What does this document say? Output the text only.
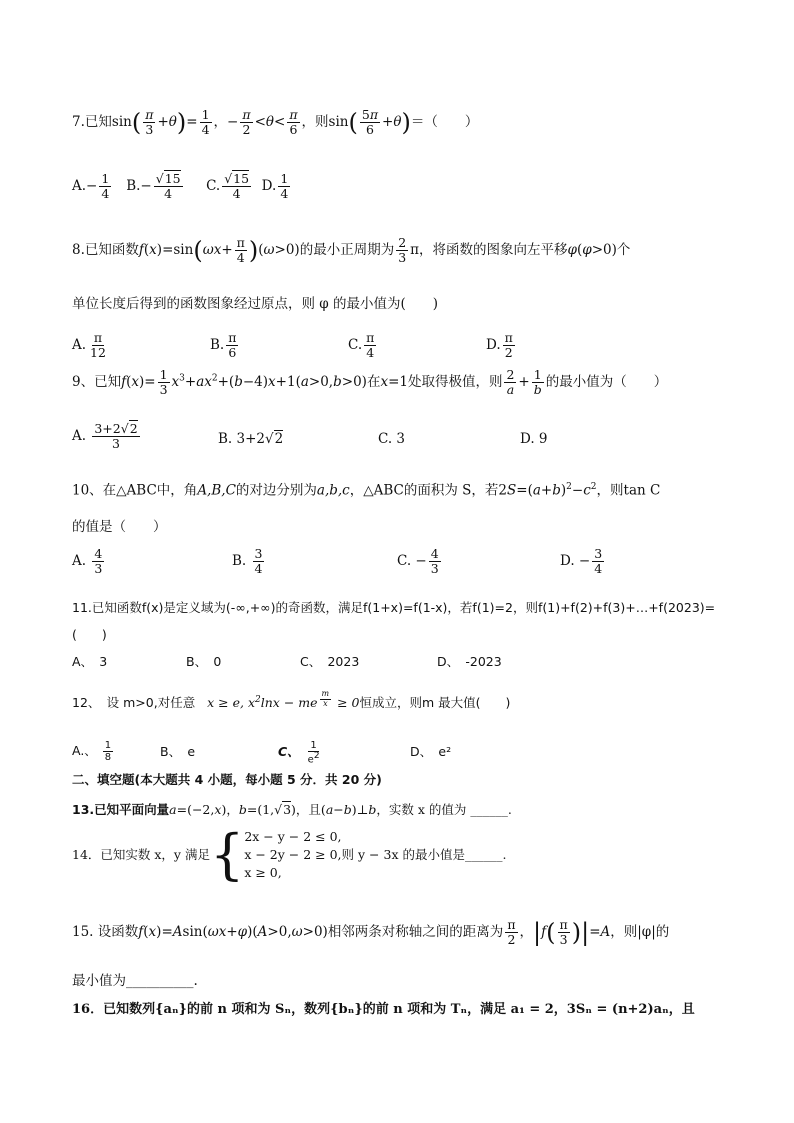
7.已知$\sin( \frac{\pi}{3} +\theta)= \frac{1}{4}$ ，− $\frac{\pi}{2} <\theta< \frac{\pi}{6}$ ，则$\sin( \frac{5\pi}{6} +\theta)=$（　　）
$A.- \frac{1}{4} B.- \frac{√15}{4} C$. $\frac{√15}{4} D$. $\frac{1}{4}$
8.已知函数$f(x)=\sin(\omega x+ \frac{\pi}{4} )(\omega>0)$的最小正周期为 $\frac{2}{3}$ π，将函数的图象向左平移φ(φ>0)个
单位长度后得到的函数图象经过原点，则 φ 的最小值为(　　)
A. $\frac{\pi}{12}$	B. $\frac{\pi}{6}$	C. $\frac{\pi}{4}$	D. $\frac{\pi}{2}$
9、已知$f(x)= \frac{1}{3} x^3+ax^2+(b-4)x+1(a>0,b>0)$在x=1处取得极值，则 $\frac{2}{a} + \frac{1}{b}$ 的最小值为（　　）
A. $\frac{3+2√2}{3}$	B. 3+2√2	C. 3	D. 9
10、在△ABC中，角A,B,C的对边分别为a,b,c，△ABC的面积为 S，若$2S=(a+b)^2-c^2$，则tan C
的值是（　　）
A. $\frac{4}{3}$	B. $\frac{3}{4}$	C. − $\frac{4}{3}$	D. − $\frac{3}{4}$
11.已知函数f(x)是定义域为(-∞,+∞)的奇函数，满足f(1+x)=f(1-x)，若f(1)=2，则f(1)+f(2)+f(3)+…+f(2023)=
(　　)
A、　3	B、　0	C、　2023	D、　-2023
12、　设 m>0,对任意 x ≥ e, $x^2\ln x$ − me $^{\frac{m}{x}}$ ≥ 0恒成立，则m 最大值(　　)
A.、 $\frac{1}{8}$	B、　e	C、 $\frac{1}{e^2}$	D、　e²
二、填空题(本大题共 4 小题，每小题 5 分．共 20 分)
13.已知平面向量a=(−2,x)，b=(1,√3)，且(a−b)⊥b，实数 x 的值为 ______.
14．已知实数 x，y 满足{ 2x − y − 2 ≤ 0,
x − 2y − 2 ≥ 0,
x ≥ 0,
则 y − 3x 的最小值是______.
15. 设函数f(x)=Asin(ωx+φ)(A>0,ω>0)相邻两条对称轴之间的距离为 $\frac{\pi}{2}$ ，$|f( \frac{\pi}{3} )|=A$，则|φ|的
最小值为__________.
16．已知数列{aₙ}的前 n 项和为 Sₙ，数列{bₙ}的前 n 项和为 Tₙ，满足 a₁ = 2，3Sₙ = (n+2)aₙ，且
